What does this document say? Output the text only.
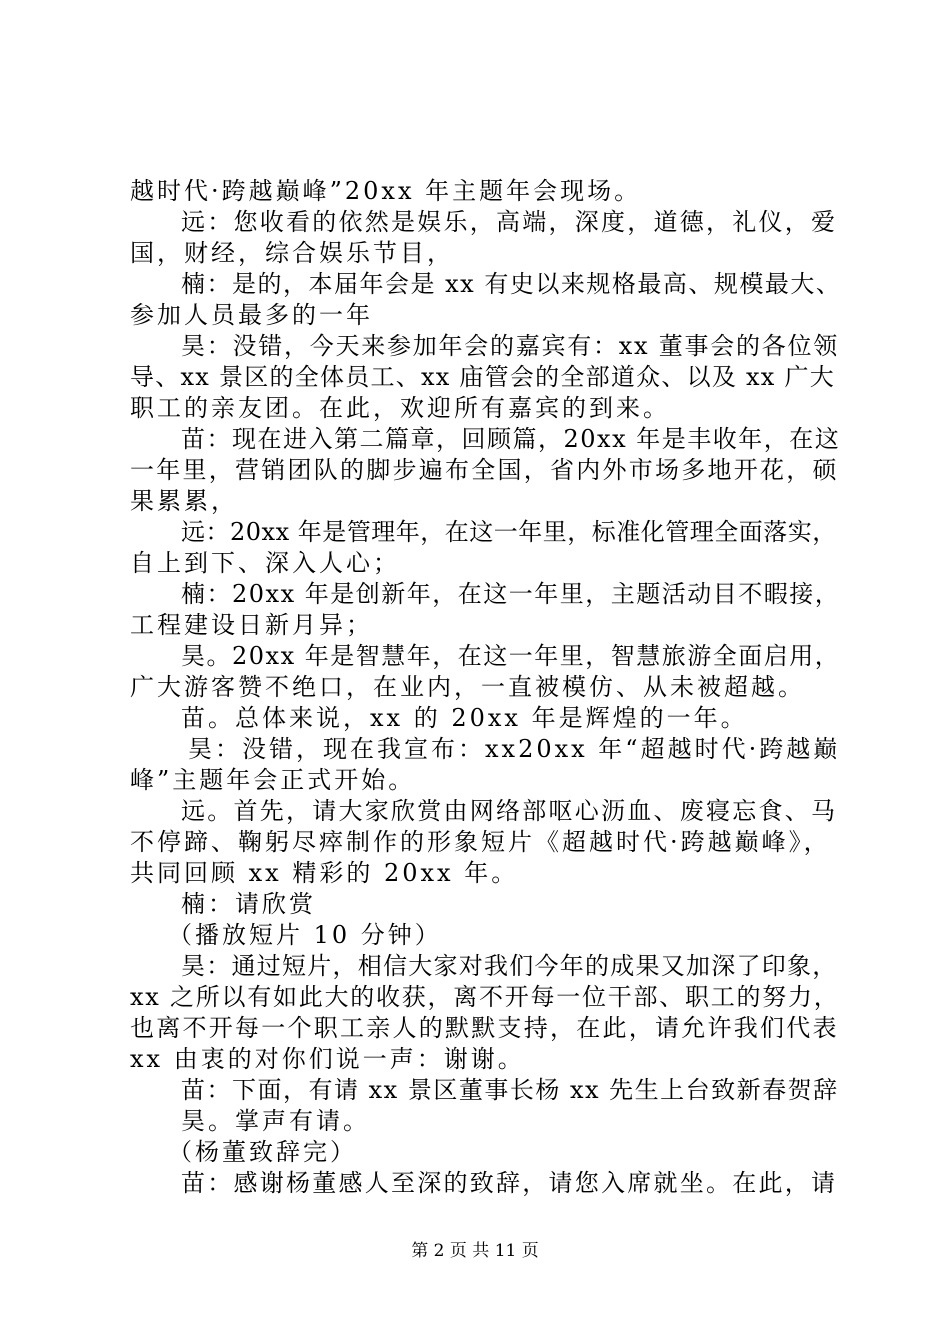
越时代·跨越巅峰”20xx 年主题年会现场。
远：您收看的依然是娱乐，高端，深度，道德，礼仪，爱
国，财经，综合娱乐节目，
楠：是的，本届年会是 xx 有史以来规格最高、规模最大、
参加人员最多的一年
昊：没错，今天来参加年会的嘉宾有：xx 董事会的各位领
导、xx 景区的全体员工、xx 庙管会的全部道众、以及 xx 广大
职工的亲友团。在此，欢迎所有嘉宾的到来。
苗：现在进入第二篇章，回顾篇，20xx 年是丰收年，在这
一年里，营销团队的脚步遍布全国，省内外市场多地开花，硕
果累累，
远：20xx 年是管理年，在这一年里，标准化管理全面落实，
自上到下、深入人心；
楠：20xx 年是创新年，在这一年里，主题活动目不暇接，
工程建设日新月异；
昊。20xx 年是智慧年，在这一年里，智慧旅游全面启用，
广大游客赞不绝口，在业内，一直被模仿、从未被超越。
苗。总体来说，xx 的 20xx 年是辉煌的一年。
昊：没错，现在我宣布：xx20xx 年“超越时代·跨越巅
峰”主题年会正式开始。
远。首先，请大家欣赏由网络部呕心沥血、废寝忘食、马
不停蹄、鞠躬尽瘁制作的形象短片《超越时代·跨越巅峰》，
共同回顾 xx 精彩的 20xx 年。
楠：请欣赏
（播放短片 10 分钟）
昊：通过短片，相信大家对我们今年的成果又加深了印象，
xx 之所以有如此大的收获，离不开每一位干部、职工的努力，
也离不开每一个职工亲人的默默支持，在此，请允许我们代表
xx 由衷的对你们说一声：谢谢。
苗：下面，有请 xx 景区董事长杨 xx 先生上台致新春贺辞
昊。掌声有请。
（杨董致辞完）
苗：感谢杨董感人至深的致辞，请您入席就坐。在此，请
第 2 页 共 11 页
